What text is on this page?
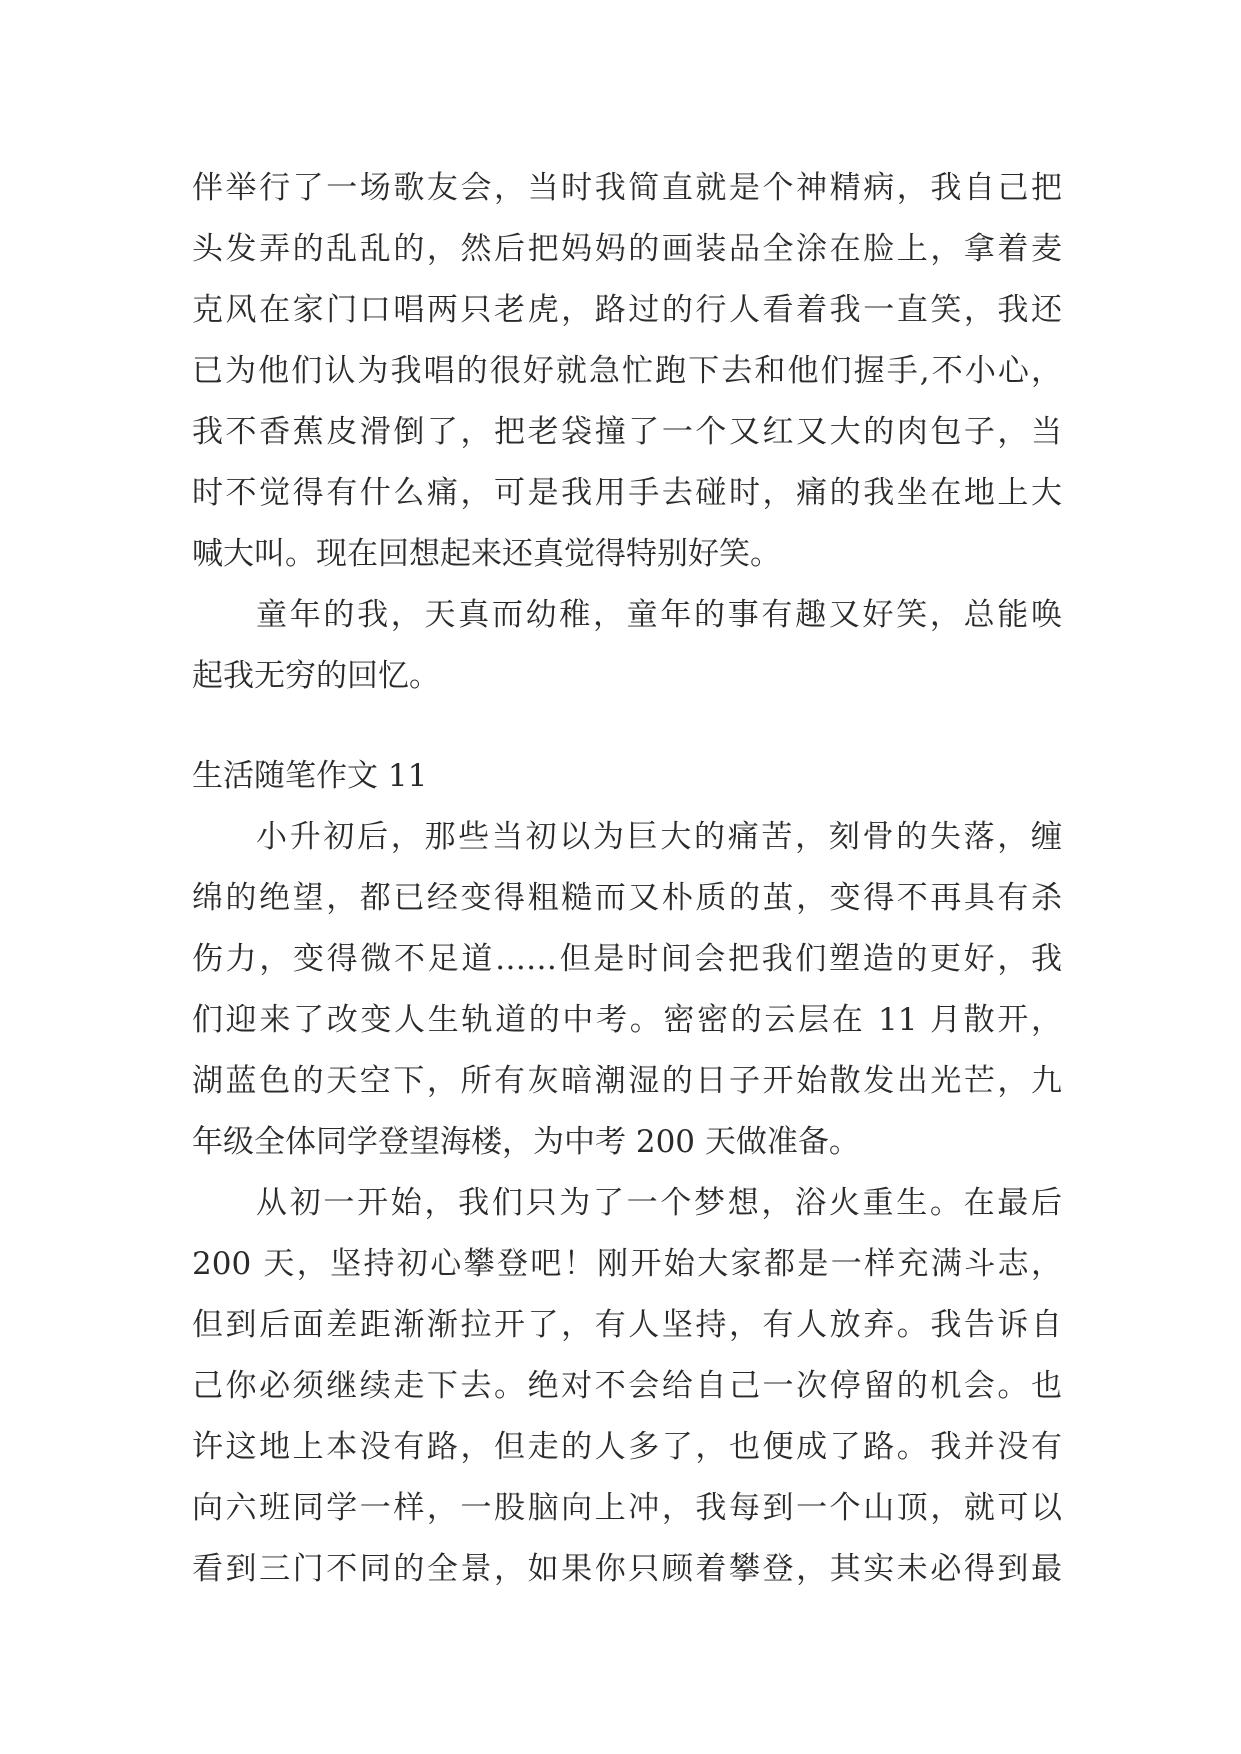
伴举行了一场歌友会，当时我简直就是个神精病，我自己把
头发弄的乱乱的，然后把妈妈的画装品全涂在脸上，拿着麦
克风在家门口唱两只老虎，路过的行人看着我一直笑，我还
已为他们认为我唱的很好就急忙跑下去和他们握手,不小心，
我不香蕉皮滑倒了，把老袋撞了一个又红又大的肉包子，当
时不觉得有什么痛，可是我用手去碰时，痛的我坐在地上大
喊大叫。现在回想起来还真觉得特别好笑。
童年的我，天真而幼稚，童年的事有趣又好笑，总能唤
起我无穷的回忆。
生活随笔作文 11
小升初后，那些当初以为巨大的痛苦，刻骨的失落，缠
绵的绝望，都已经变得粗糙而又朴质的茧，变得不再具有杀
伤力，变得微不足道……但是时间会把我们塑造的更好，我
们迎来了改变人生轨道的中考。密密的云层在 11 月散开，
湖蓝色的天空下，所有灰暗潮湿的日子开始散发出光芒，九
年级全体同学登望海楼，为中考 200 天做准备。
从初一开始，我们只为了一个梦想，浴火重生。在最后
200 天，坚持初心攀登吧！刚开始大家都是一样充满斗志，
但到后面差距渐渐拉开了，有人坚持，有人放弃。我告诉自
己你必须继续走下去。绝对不会给自己一次停留的机会。也
许这地上本没有路，但走的人多了，也便成了路。我并没有
向六班同学一样，一股脑向上冲，我每到一个山顶，就可以
看到三门不同的全景，如果你只顾着攀登，其实未必得到最
